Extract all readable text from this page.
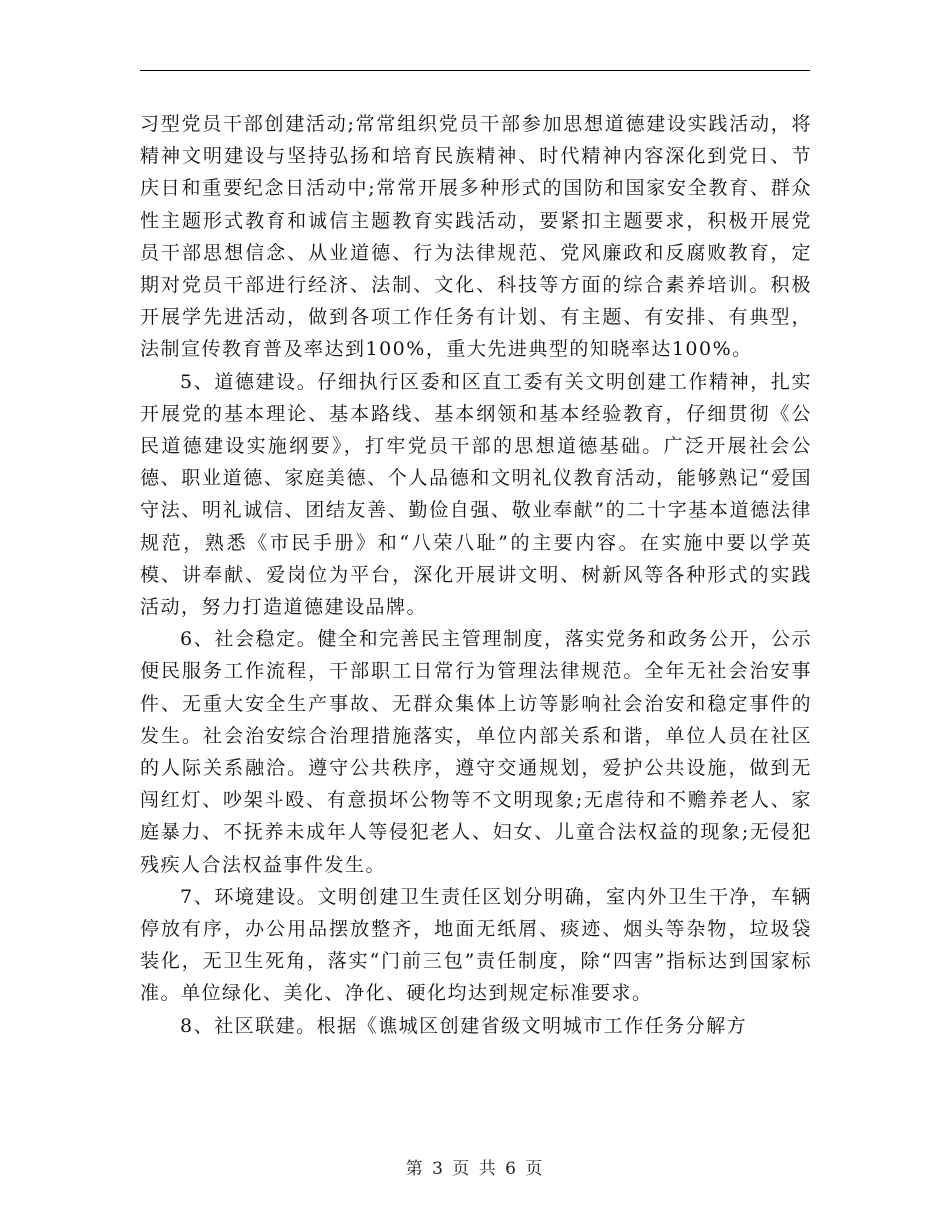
习型党员干部创建活动;常常组织党员干部参加思想道德建设实践活动，将精神文明建设与坚持弘扬和培育民族精神、时代精神内容深化到党日、节庆日和重要纪念日活动中;常常开展多种形式的国防和国家安全教育、群众性主题形式教育和诚信主题教育实践活动，要紧扣主题要求，积极开展党员干部思想信念、从业道德、行为法律规范、党风廉政和反腐败教育，定期对党员干部进行经济、法制、文化、科技等方面的综合素养培训。积极开展学先进活动，做到各项工作任务有计划、有主题、有安排、有典型，法制宣传教育普及率达到100%，重大先进典型的知晓率达100%。

5、道德建设。仔细执行区委和区直工委有关文明创建工作精神，扎实开展党的基本理论、基本路线、基本纲领和基本经验教育，仔细贯彻《公民道德建设实施纲要》，打牢党员干部的思想道德基础。广泛开展社会公德、职业道德、家庭美德、个人品德和文明礼仪教育活动，能够熟记“爱国守法、明礼诚信、团结友善、勤俭自强、敬业奉献”的二十字基本道德法律规范，熟悉《市民手册》和“八荣八耻”的主要内容。在实施中要以学英模、讲奉献、爱岗位为平台，深化开展讲文明、树新风等各种形式的实践活动，努力打造道德建设品牌。

6、社会稳定。健全和完善民主管理制度，落实党务和政务公开，公示便民服务工作流程，干部职工日常行为管理法律规范。全年无社会治安事件、无重大安全生产事故、无群众集体上访等影响社会治安和稳定事件的发生。社会治安综合治理措施落实，单位内部关系和谐，单位人员在社区的人际关系融洽。遵守公共秩序，遵守交通规划，爱护公共设施，做到无闯红灯、吵架斗殴、有意损坏公物等不文明现象;无虐待和不赡养老人、家庭暴力、不抚养未成年人等侵犯老人、妇女、儿童合法权益的现象;无侵犯残疾人合法权益事件发生。

7、环境建设。文明创建卫生责任区划分明确，室内外卫生干净，车辆停放有序，办公用品摆放整齐，地面无纸屑、痰迹、烟头等杂物，垃圾袋装化，无卫生死角，落实“门前三包”责任制度，除“四害”指标达到国家标准。单位绿化、美化、净化、硬化均达到规定标准要求。

8、社区联建。根据《谯城区创建省级文明城市工作任务分解方

第 3 页 共 6 页
